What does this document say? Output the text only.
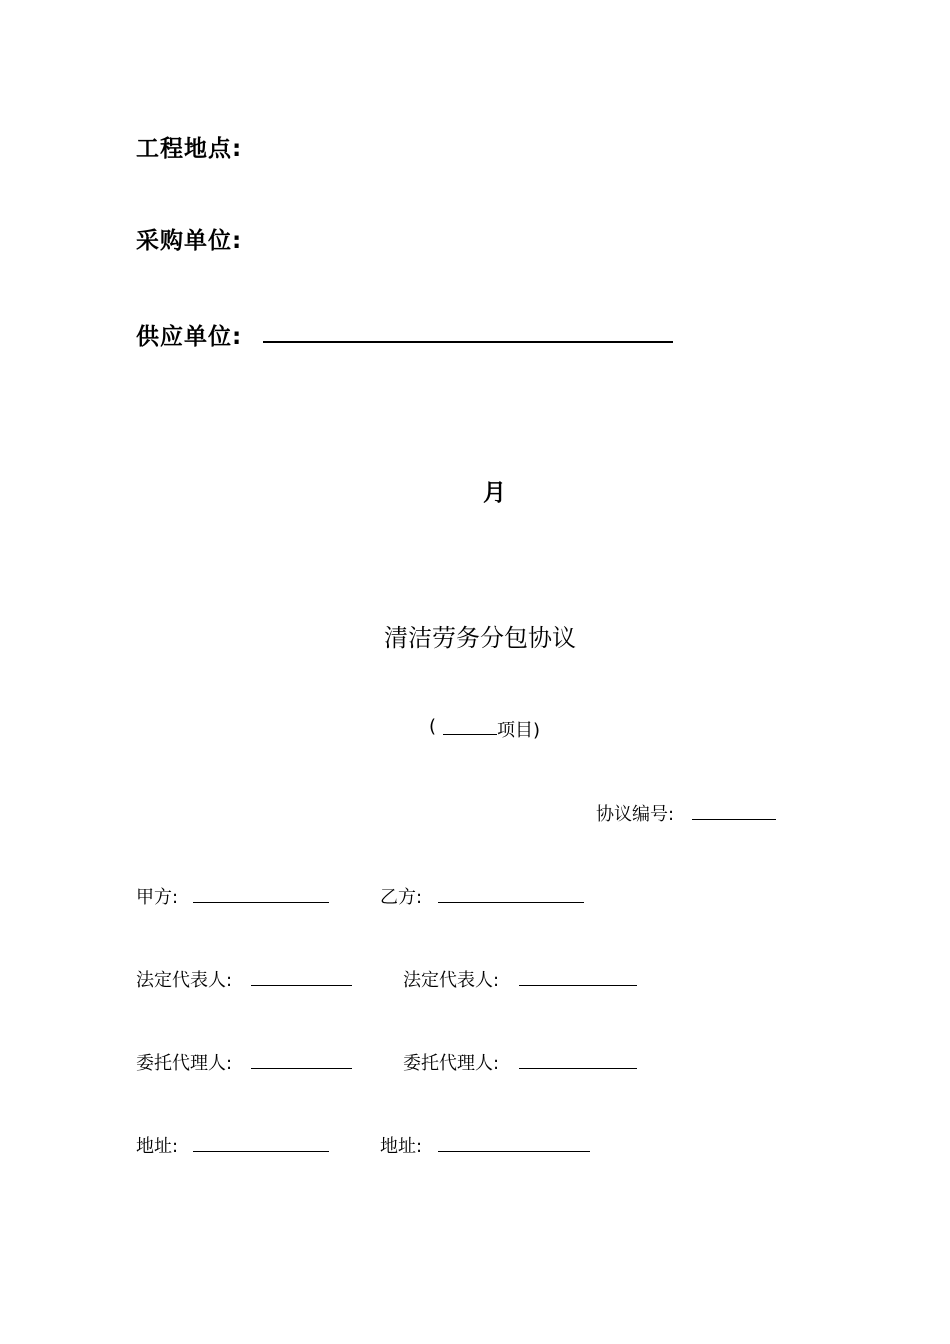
工程地点:
采购单位:
供应单位:
月
清洁劳务分包协议
(	项目)
协议编号:
甲方:	乙方:
法定代表人:	法定代表人:
委托代理人:	委托代理人:
地址:	地址:
